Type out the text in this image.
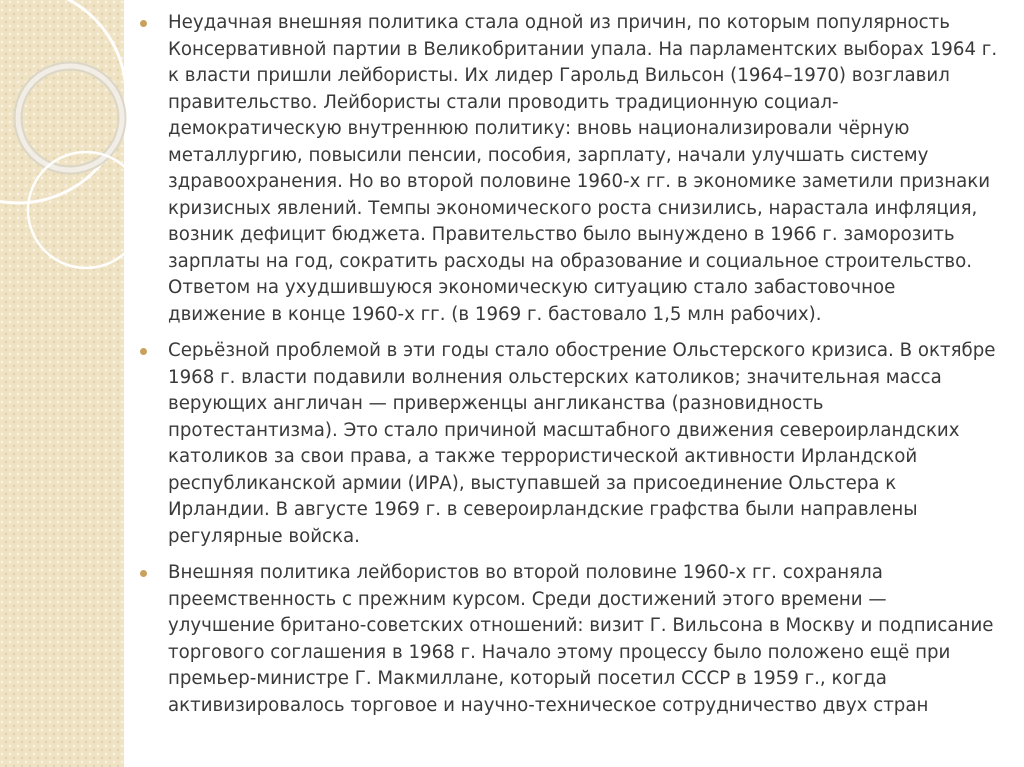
Неудачная внешняя политика стала одной из причин, по которым популярность Консервативной партии в Великобритании упала. На парламентских выборах 1964 г. к власти пришли лейбористы. Их лидер Гарольд Вильсон (1964–1970) возглавил правительство. Лейбористы стали проводить традиционную социал-демократическую внутреннюю политику: вновь национализировали чёрную металлургию, повысили пенсии, пособия, зарплату, начали улучшать систему здравоохранения. Но во второй половине 1960-х гг. в экономике заметили признаки кризисных явлений. Темпы экономического роста снизились, нарастала инфляция, возник дефицит бюджета. Правительство было вынуждено в 1966 г. заморозить зарплаты на год, сократить расходы на образование и социальное строительство. Ответом на ухудшившуюся экономическую ситуацию стало забастовочное движение в конце 1960-х гг. (в 1969 г. бастовало 1,5 млн рабочих).
Серьёзной проблемой в эти годы стало обострение Ольстерского кризиса. В октябре 1968 г. власти подавили волнения ольстерских католиков; значительная масса верующих англичан — приверженцы англиканства (разновидность протестантизма). Это стало причиной масштабного движения североирландских католиков за свои права, а также террористической активности Ирландской республиканской армии (ИРА), выступавшей за присоединение Ольстера к Ирландии. В августе 1969 г. в североирландские графства были направлены регулярные войска.
Внешняя политика лейбористов во второй половине 1960-х гг. сохраняла преемственность с прежним курсом. Среди достижений этого времени — улучшение британо-советских отношений: визит Г. Вильсона в Москву и подписание торгового соглашения в 1968 г. Начало этому процессу было положено ещё при премьер-министре Г. Макмиллане, который посетил СССР в 1959 г., когда активизировалось торговое и научно-техническое сотрудничество двух стран
